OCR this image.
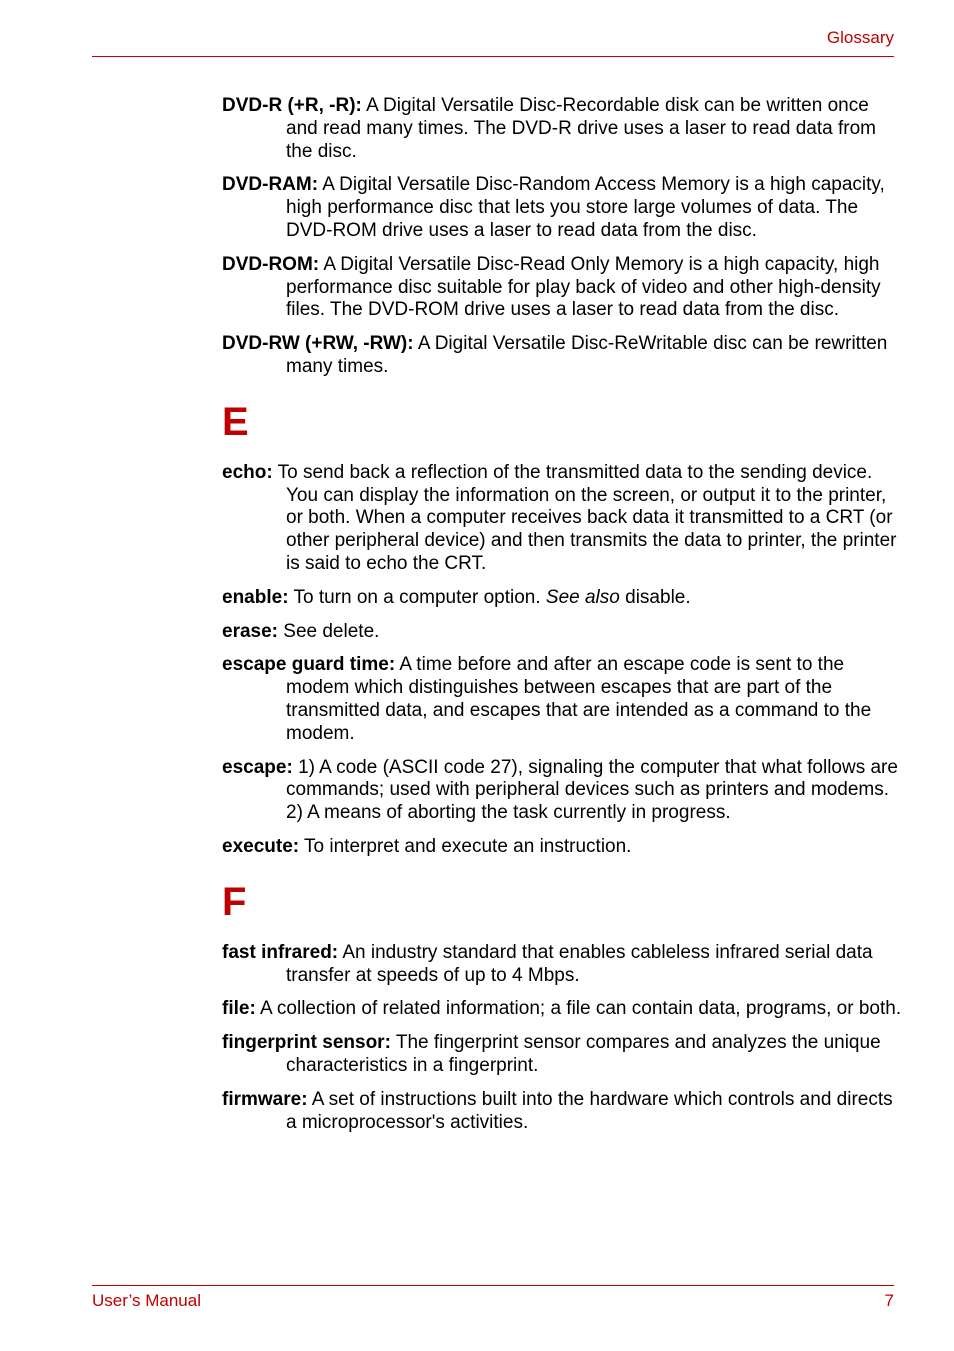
Glossary

DVD-R (+R, -R): A Digital Versatile Disc-Recordable disk can be written once and read many times. The DVD-R drive uses a laser to read data from the disc.

DVD-RAM: A Digital Versatile Disc-Random Access Memory is a high capacity, high performance disc that lets you store large volumes of data. The DVD-ROM drive uses a laser to read data from the disc.

DVD-ROM: A Digital Versatile Disc-Read Only Memory is a high capacity, high performance disc suitable for play back of video and other high-density files. The DVD-ROM drive uses a laser to read data from the disc.

DVD-RW (+RW, -RW): A Digital Versatile Disc-ReWritable disc can be rewritten many times.

E

echo: To send back a reflection of the transmitted data to the sending device. You can display the information on the screen, or output it to the printer, or both. When a computer receives back data it transmitted to a CRT (or other peripheral device) and then transmits the data to printer, the printer is said to echo the CRT.

enable: To turn on a computer option. See also disable.

erase: See delete.

escape guard time: A time before and after an escape code is sent to the modem which distinguishes between escapes that are part of the transmitted data, and escapes that are intended as a command to the modem.

escape: 1) A code (ASCII code 27), signaling the computer that what follows are commands; used with peripheral devices such as printers and modems.
2) A means of aborting the task currently in progress.

execute: To interpret and execute an instruction.

F

fast infrared: An industry standard that enables cableless infrared serial data transfer at speeds of up to 4 Mbps.

file: A collection of related information; a file can contain data, programs, or both.

fingerprint sensor: The fingerprint sensor compares and analyzes the unique characteristics in a fingerprint.

firmware: A set of instructions built into the hardware which controls and directs a microprocessor's activities.

User’s Manual	7
